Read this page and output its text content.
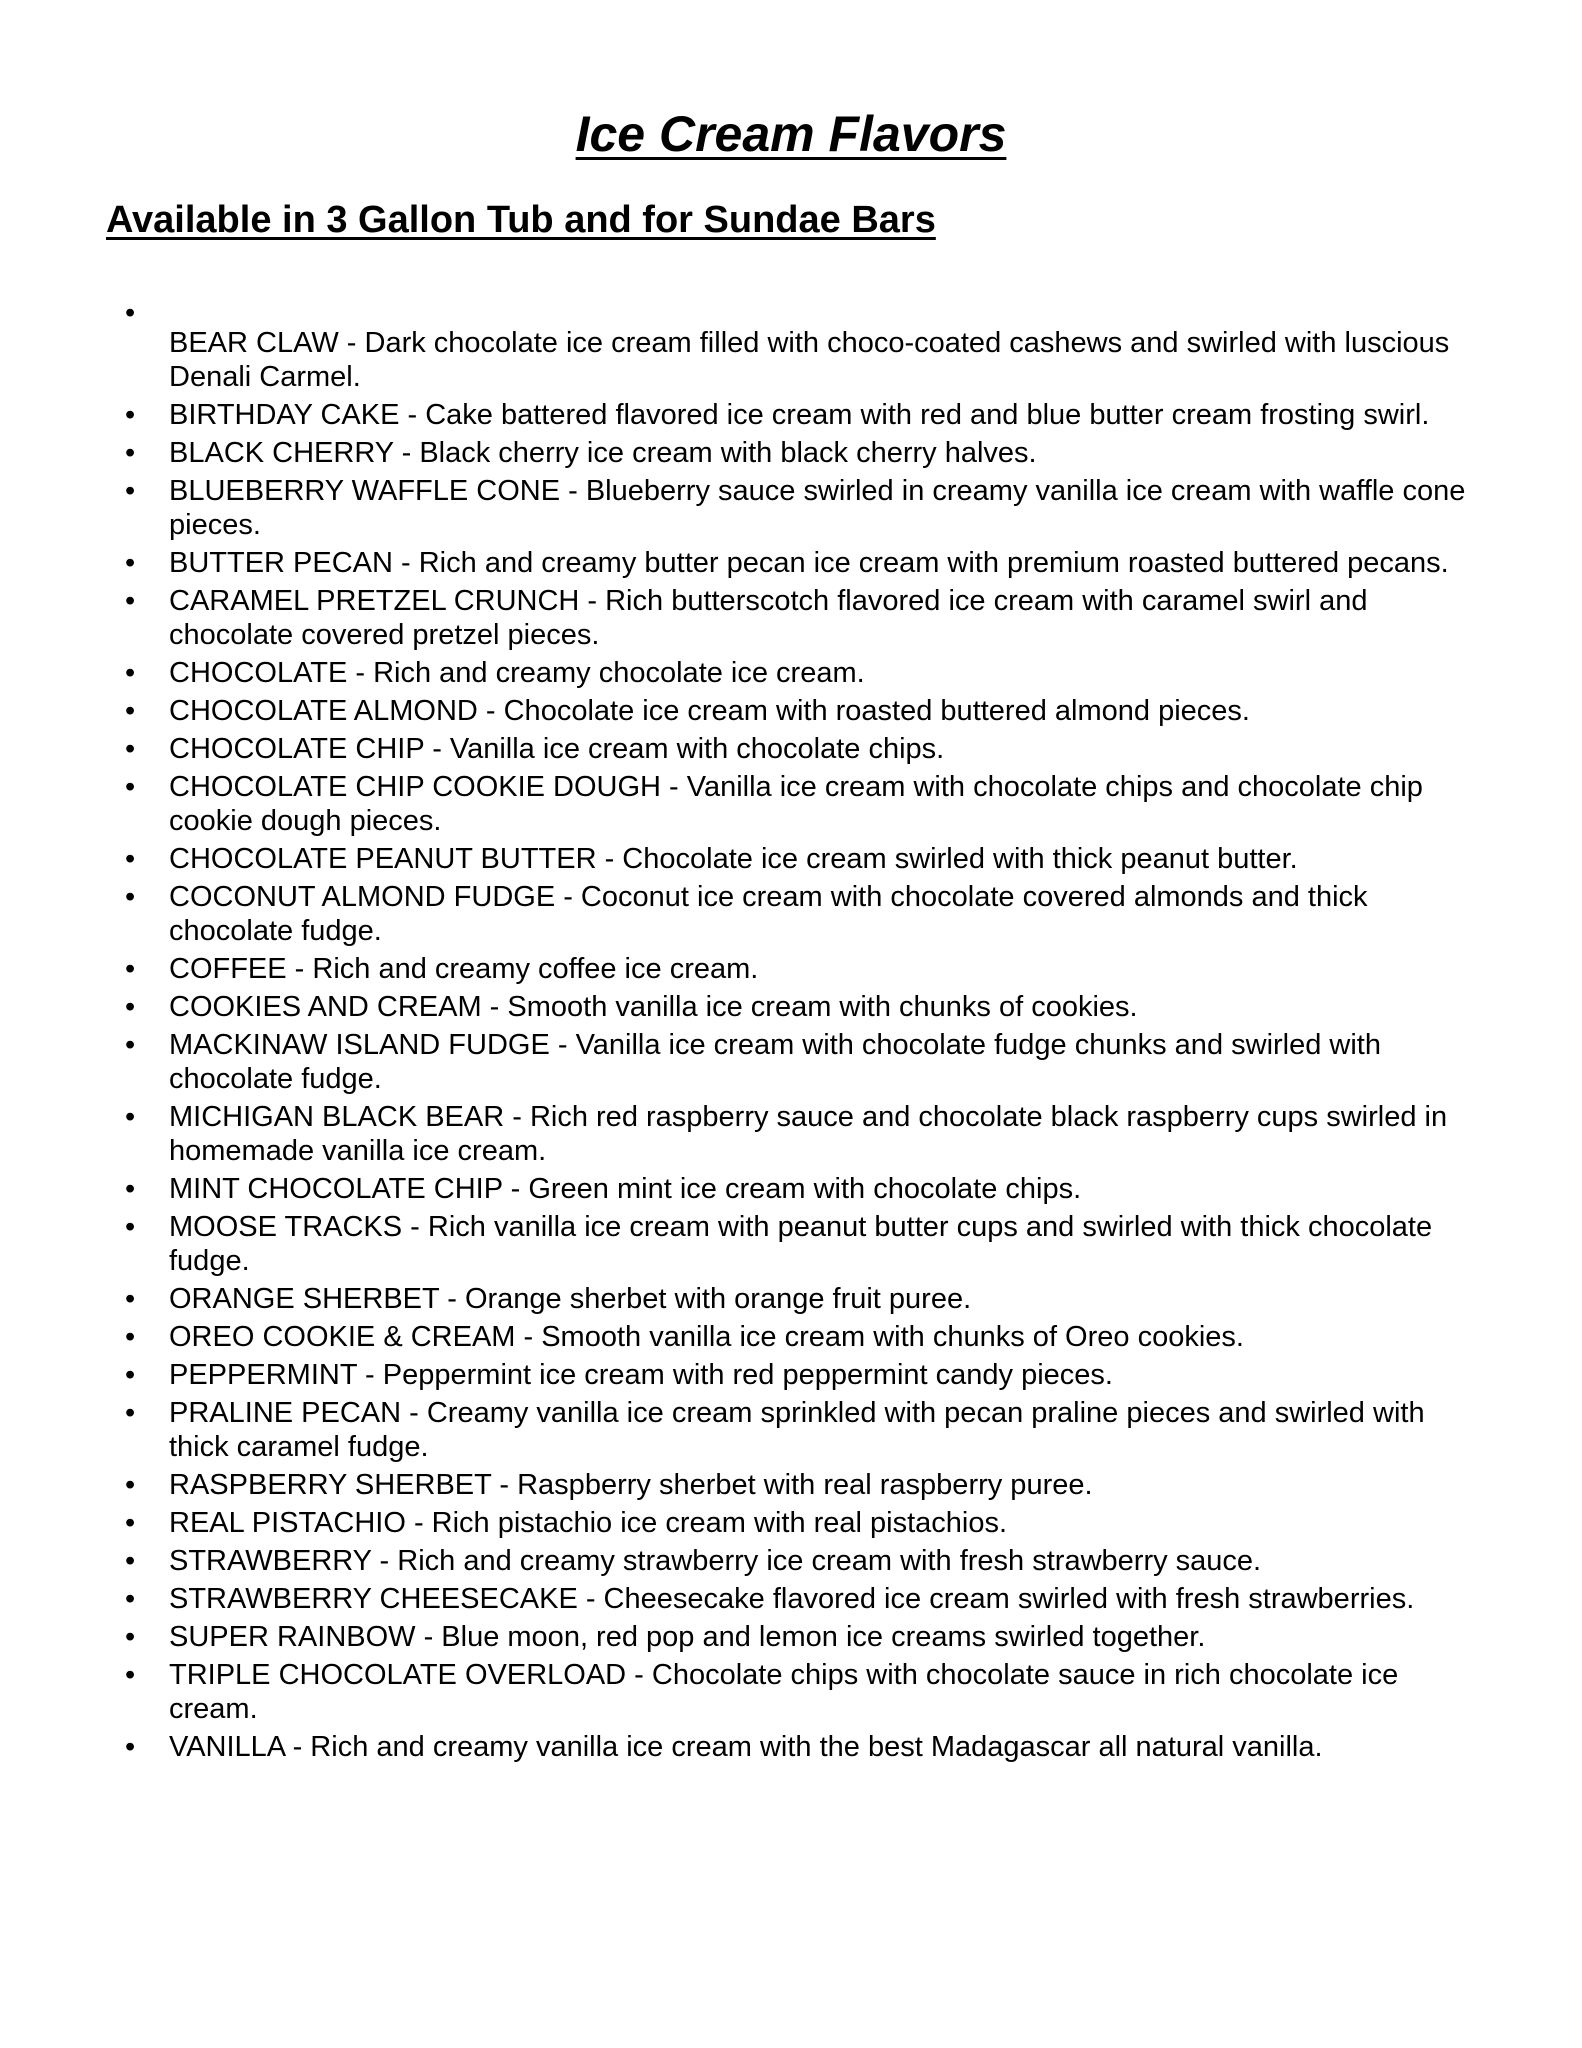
Ice Cream Flavors
Available in 3 Gallon Tub and for Sundae Bars
• BEAR CLAW - Dark chocolate ice cream filled with choco-coated cashews and swirled with luscious Denali Carmel.
• BIRTHDAY CAKE - Cake battered flavored ice cream with red and blue butter cream frosting swirl.
• BLACK CHERRY - Black cherry ice cream with black cherry halves.
• BLUEBERRY WAFFLE CONE - Blueberry sauce swirled in creamy vanilla ice cream with waffle cone pieces.
• BUTTER PECAN - Rich and creamy butter pecan ice cream with premium roasted buttered pecans.
• CARAMEL PRETZEL CRUNCH - Rich butterscotch flavored ice cream with caramel swirl and chocolate covered pretzel pieces.
• CHOCOLATE - Rich and creamy chocolate ice cream.
• CHOCOLATE ALMOND - Chocolate ice cream with roasted buttered almond pieces.
• CHOCOLATE CHIP - Vanilla ice cream with chocolate chips.
• CHOCOLATE CHIP COOKIE DOUGH - Vanilla ice cream with chocolate chips and chocolate chip cookie dough pieces.
• CHOCOLATE PEANUT BUTTER - Chocolate ice cream swirled with thick peanut butter.
• COCONUT ALMOND FUDGE - Coconut ice cream with chocolate covered almonds and thick chocolate fudge.
• COFFEE - Rich and creamy coffee ice cream.
• COOKIES AND CREAM - Smooth vanilla ice cream with chunks of cookies.
• MACKINAW ISLAND FUDGE - Vanilla ice cream with chocolate fudge chunks and swirled with chocolate fudge.
• MICHIGAN BLACK BEAR - Rich red raspberry sauce and chocolate black raspberry cups swirled in homemade vanilla ice cream.
• MINT CHOCOLATE CHIP - Green mint ice cream with chocolate chips.
• MOOSE TRACKS - Rich vanilla ice cream with peanut butter cups and swirled with thick chocolate fudge.
• ORANGE SHERBET - Orange sherbet with orange fruit puree.
• OREO COOKIE & CREAM - Smooth vanilla ice cream with chunks of Oreo cookies.
• PEPPERMINT - Peppermint ice cream with red peppermint candy pieces.
• PRALINE PECAN - Creamy vanilla ice cream sprinkled with pecan praline pieces and swirled with thick caramel fudge.
• RASPBERRY SHERBET - Raspberry sherbet with real raspberry puree.
• REAL PISTACHIO - Rich pistachio ice cream with real pistachios.
• STRAWBERRY - Rich and creamy strawberry ice cream with fresh strawberry sauce.
• STRAWBERRY CHEESECAKE - Cheesecake flavored ice cream swirled with fresh strawberries.
• SUPER RAINBOW - Blue moon, red pop and lemon ice creams swirled together.
• TRIPLE CHOCOLATE OVERLOAD - Chocolate chips with chocolate sauce in rich chocolate ice cream.
• VANILLA - Rich and creamy vanilla ice cream with the best Madagascar all natural vanilla.
